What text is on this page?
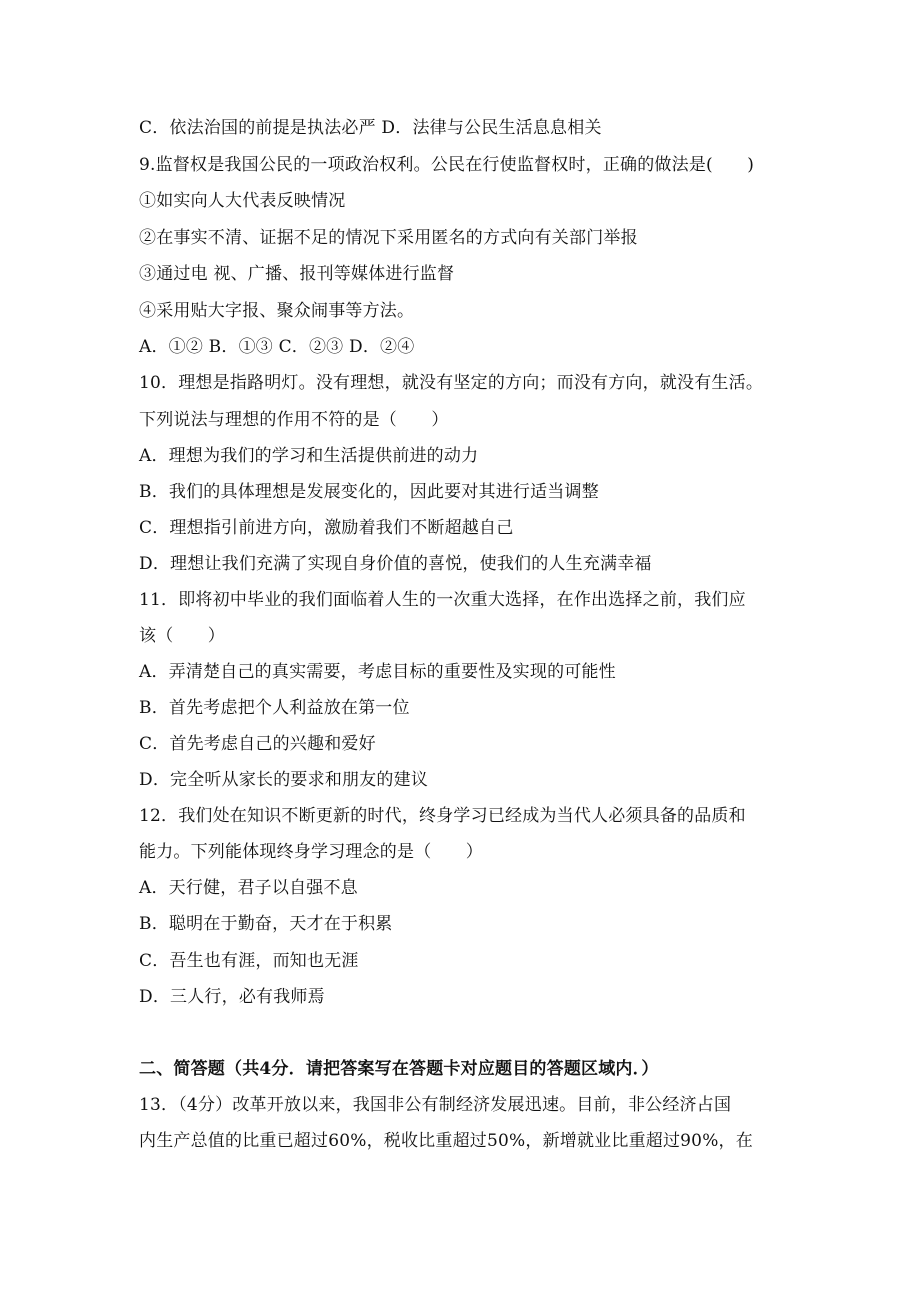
C．依法治国的前提是执法必严 D．法律与公民生活息息相关
9.监督权是我国公民的一项政治权利。公民在行使监督权时，正确的做法是(　　)
①如实向人大代表反映情况
②在事实不清、证据不足的情况下采用匿名的方式向有关部门举报
③通过电 视、广播、报刊等媒体进行监督
④采用贴大字报、聚众闹事等方法。
A．①② B．①③ C．②③ D．②④
10．理想是指路明灯。没有理想，就没有坚定的方向；而没有方向，就没有生活。
下列说法与理想的作用不符的是（　　）
A．理想为我们的学习和生活提供前进的动力
B．我们的具体理想是发展变化的，因此要对其进行适当调整
C．理想指引前进方向，激励着我们不断超越自己
D．理想让我们充满了实现自身价值的喜悦，使我们的人生充满幸福
11．即将初中毕业的我们面临着人生的一次重大选择，在作出选择之前，我们应
该（　　）
A．弄清楚自己的真实需要，考虑目标的重要性及实现的可能性
B．首先考虑把个人利益放在第一位
C．首先考虑自己的兴趣和爱好
D．完全听从家长的要求和朋友的建议
12．我们处在知识不断更新的时代，终身学习已经成为当代人必须具备的品质和
能力。下列能体现终身学习理念的是（　　）
A．天行健，君子以自强不息
B．聪明在于勤奋，天才在于积累
C．吾生也有涯，而知也无涯
D．三人行，必有我师焉
二、简答题（共4分．请把答案写在答题卡对应题目的答题区域内．）
13．（4分）改革开放以来，我国非公有制经济发展迅速。目前，非公经济占国
内生产总值的比重已超过60%，税收比重超过50%，新增就业比重超过90%，在
